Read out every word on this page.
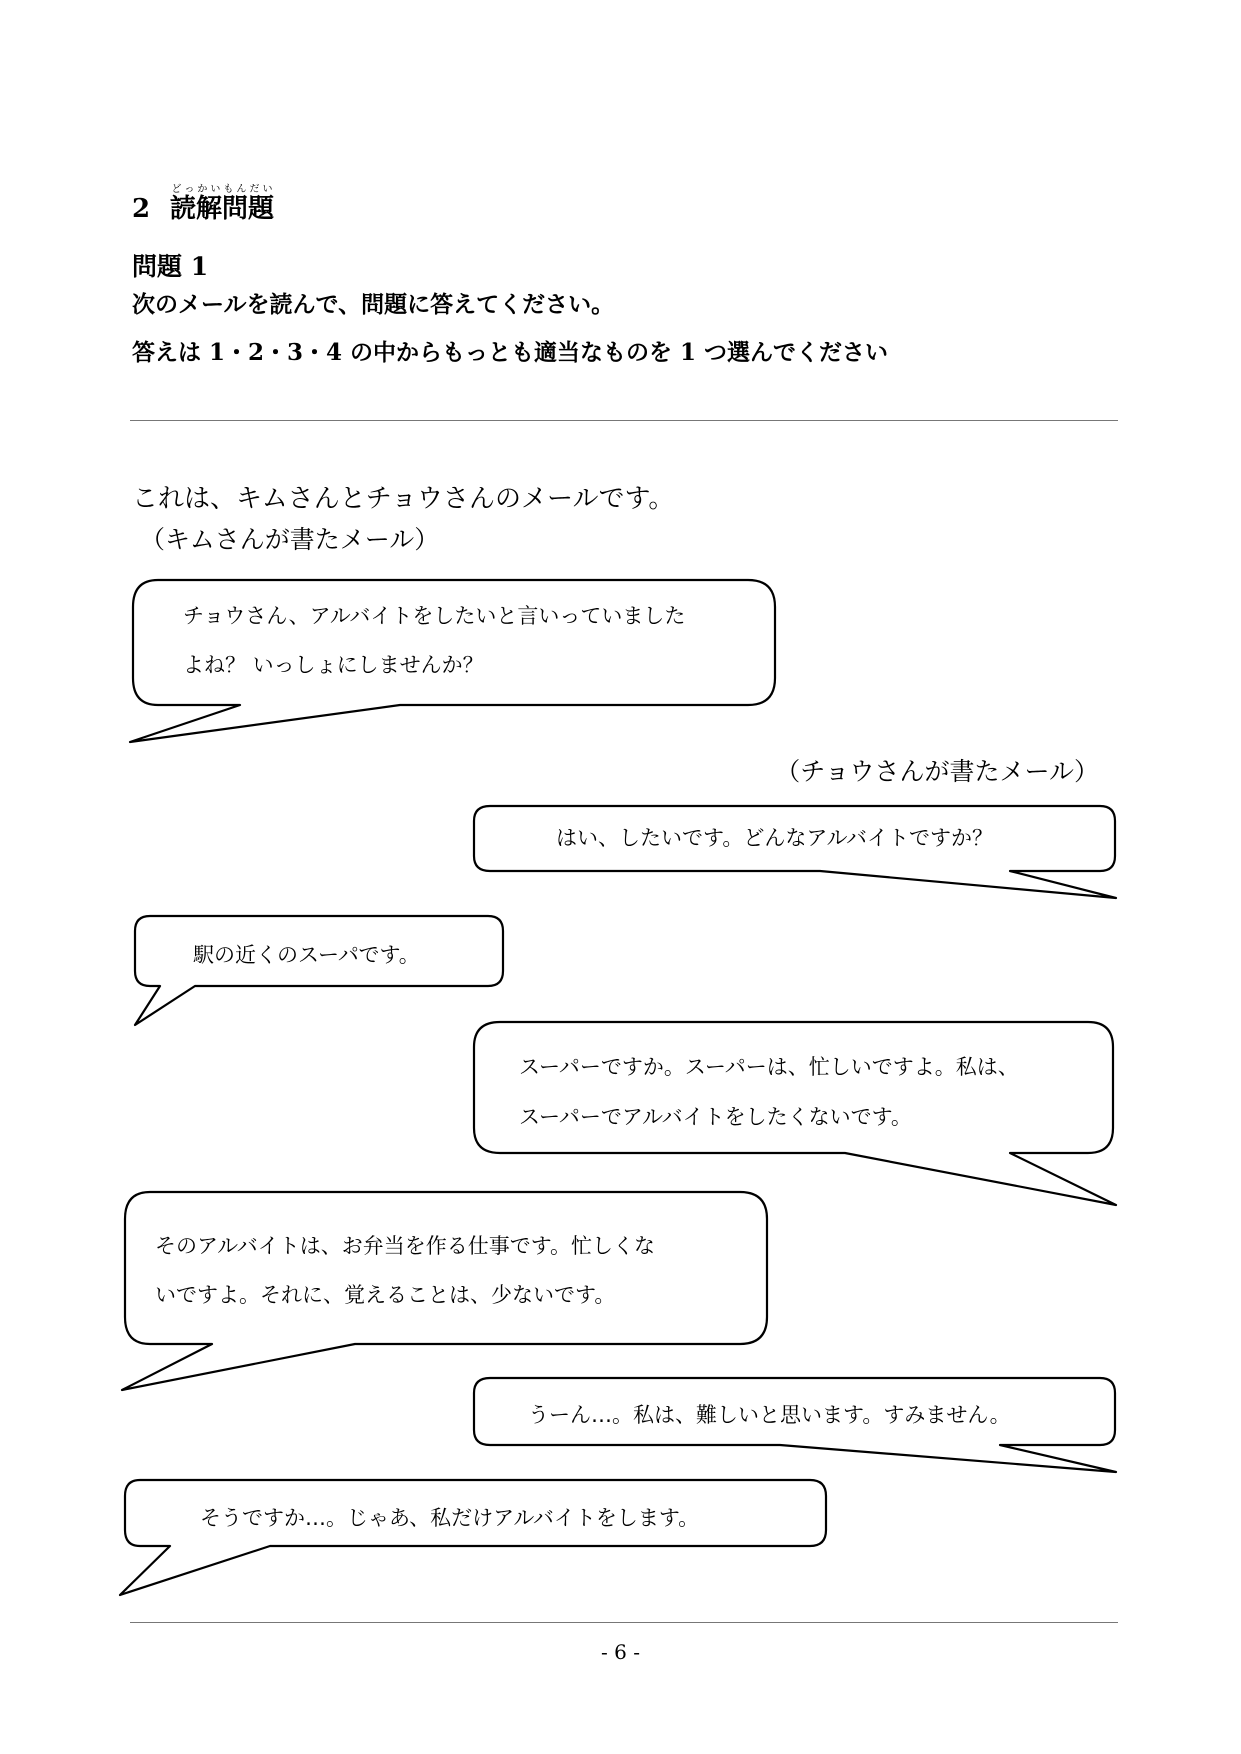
2 読解問題どっかいもんだい
問題 1
次のメールを読んで、問題に答えてください。
答えは 1・2・3・4 の中からもっとも適当なものを 1 つ選んでください
これは、キムさんとチョウさんのメールです。
（キムさんが書たメール）
（チョウさんが書たメール）
チョウさん、アルバイトをしたいと言いっていました
よね？ いっしょにしませんか？
はい、したいです。どんなアルバイトですか？
駅の近くのスーパです。
スーパーですか。スーパーは、忙しいですよ。私は、
スーパーでアルバイトをしたくないです。
そのアルバイトは、お弁当を作る仕事です。忙しくな
いですよ。それに、覚えることは、少ないです。
うーん…。私は、難しいと思います。すみません。
そうですか…。じゃあ、私だけアルバイトをします。
- 6 -
